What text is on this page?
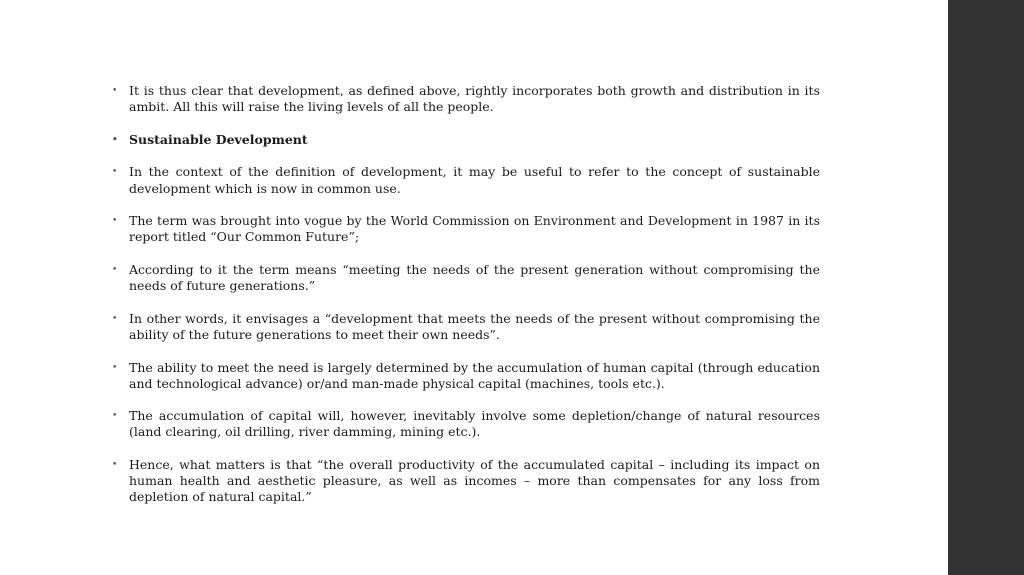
• It is thus clear that development, as defined above, rightly incorporates both growth and distribution in its ambit. All this will raise the living levels of all the people.
• Sustainable Development
• In the context of the definition of development, it may be useful to refer to the concept of sustainable development which is now in common use.
• The term was brought into vogue by the World Commission on Environment and Development in 1987 in its report titled “Our Common Future”;
• According to it the term means “meeting the needs of the present generation without compromising the needs of future generations.”
• In other words, it envisages a “development that meets the needs of the present without compromising the ability of the future generations to meet their own needs”.
• The ability to meet the need is largely determined by the accumulation of human capital (through education and technological advance) or/and man-made physical capital (machines, tools etc.).
• The accumulation of capital will, however, inevitably involve some depletion/change of natural resources (land clearing, oil drilling, river damming, mining etc.).
• Hence, what matters is that “the overall productivity of the accumulated capital – including its impact on human health and aesthetic pleasure, as well as incomes – more than compensates for any loss from depletion of natural capital.”
